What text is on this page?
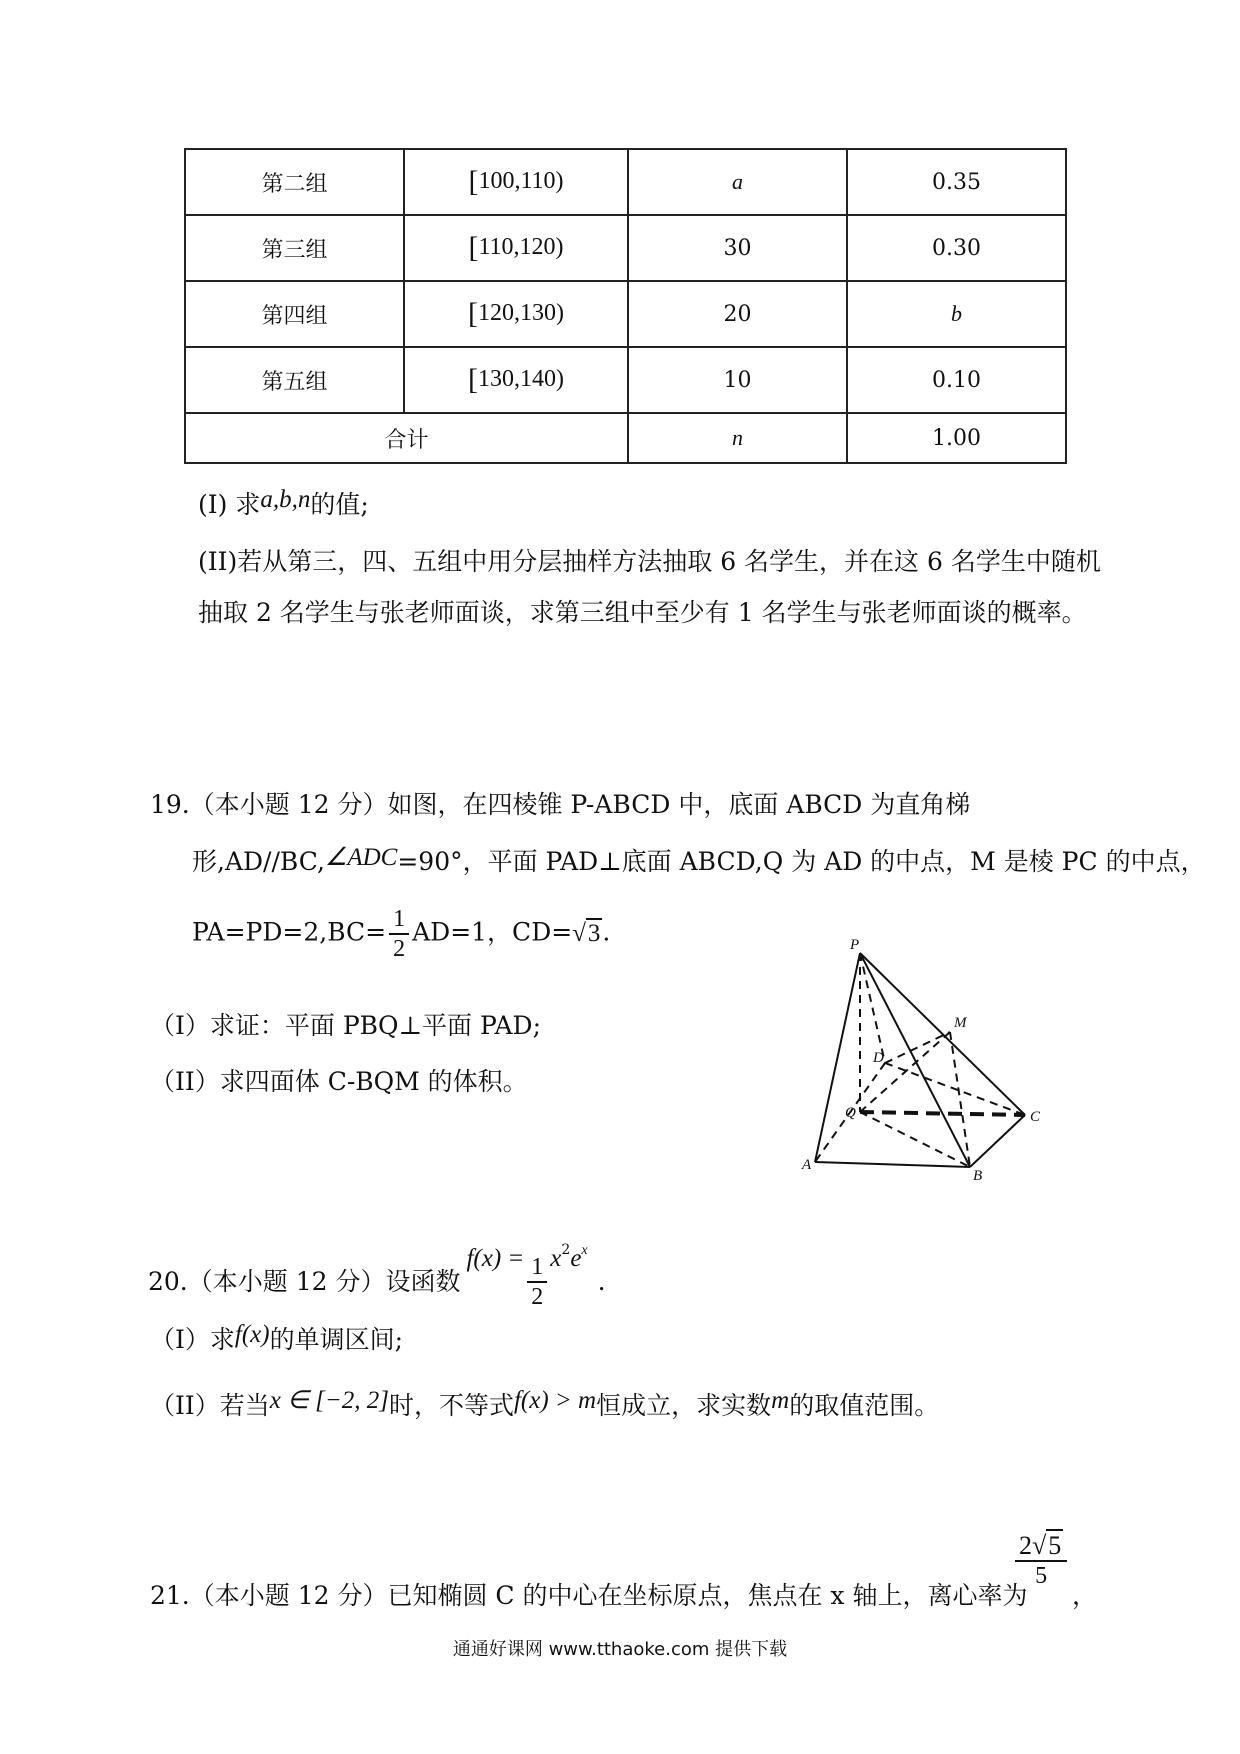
第二组	[100,110)	a	0.35
第三组	[110,120)	30	0.30
第四组	[120,130)	20	b
第五组	[130,140)	10	0.10
合计		n	1.00
(I) 求a,b,n的值;
(II)若从第三，四、五组中用分层抽样方法抽取 6 名学生，并在这 6 名学生中随机
抽取 2 名学生与张老师面谈，求第三组中至少有 1 名学生与张老师面谈的概率。
19.（本小题 12 分）如图，在四棱锥 P-ABCD 中，底面 ABCD 为直角梯
形,AD//BC,∠ADC=90°，平面 PAD⊥底面 ABCD,Q 为 AD 的中点，M 是棱 PC 的中点，
$PA=PD=2,BC= \frac{1}{2} AD=1$，CD=√3.
（I）求证：平面 PBQ⊥平面 PAD;
（II）求四面体 C-BQM 的体积。
P
M
D
Q	C
A
B
20.（本小题 12 分）设函数$f(x) = \frac{1}{2} x^2e^x$.
（I）求f(x)的单调区间;
（II）若当x ∈ [−2, 2]时，不等式f(x) > m恒成立，求实数m的取值范围。
21.（本小题 12 分）已知椭圆 C 的中心在坐标原点，焦点在 x 轴上，离心率为
$\frac{2√5}{5}$
，
通通好课网 www.tthaoke.com 提供下载
